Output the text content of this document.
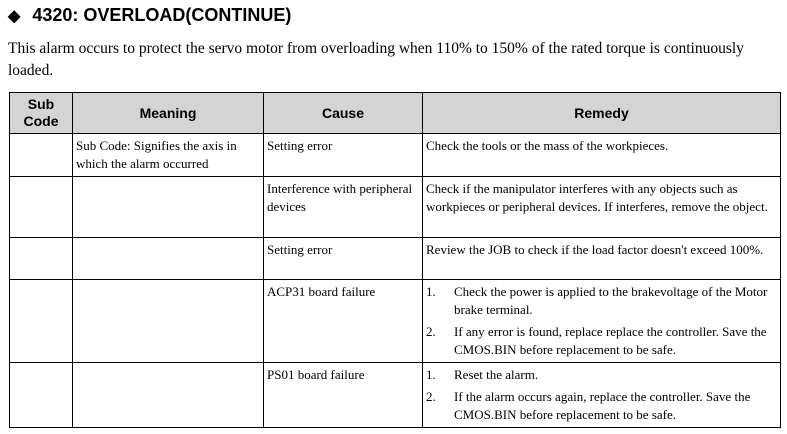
◆ 4320: OVERLOAD(CONTINUE)
This alarm occurs to protect the servo motor from overloading when 110% to 150% of the rated torque is continuously loaded.
Sub Code	Meaning	Cause	Remedy
	Sub Code: Signifies the axis in which the alarm occurred	Setting error	Check the tools or the mass of the workpieces.
		Interference with peripheral devices	Check if the manipulator interferes with any objects such as workpieces or peripheral devices. If interferes, remove the object.
		Setting error	Review the JOB to check if the load factor doesn't exceed 100%.
		ACP31 board failure	1. Check the power is applied to the brakevoltage of the Motor brake terminal.
2. If any error is found, replace replace the controller. Save the CMOS.BIN before replacement to be safe.

		PS01 board failure	1. Reset the alarm.
2. If the alarm occurs again, replace the controller. Save the CMOS.BIN before replacement to be safe.
